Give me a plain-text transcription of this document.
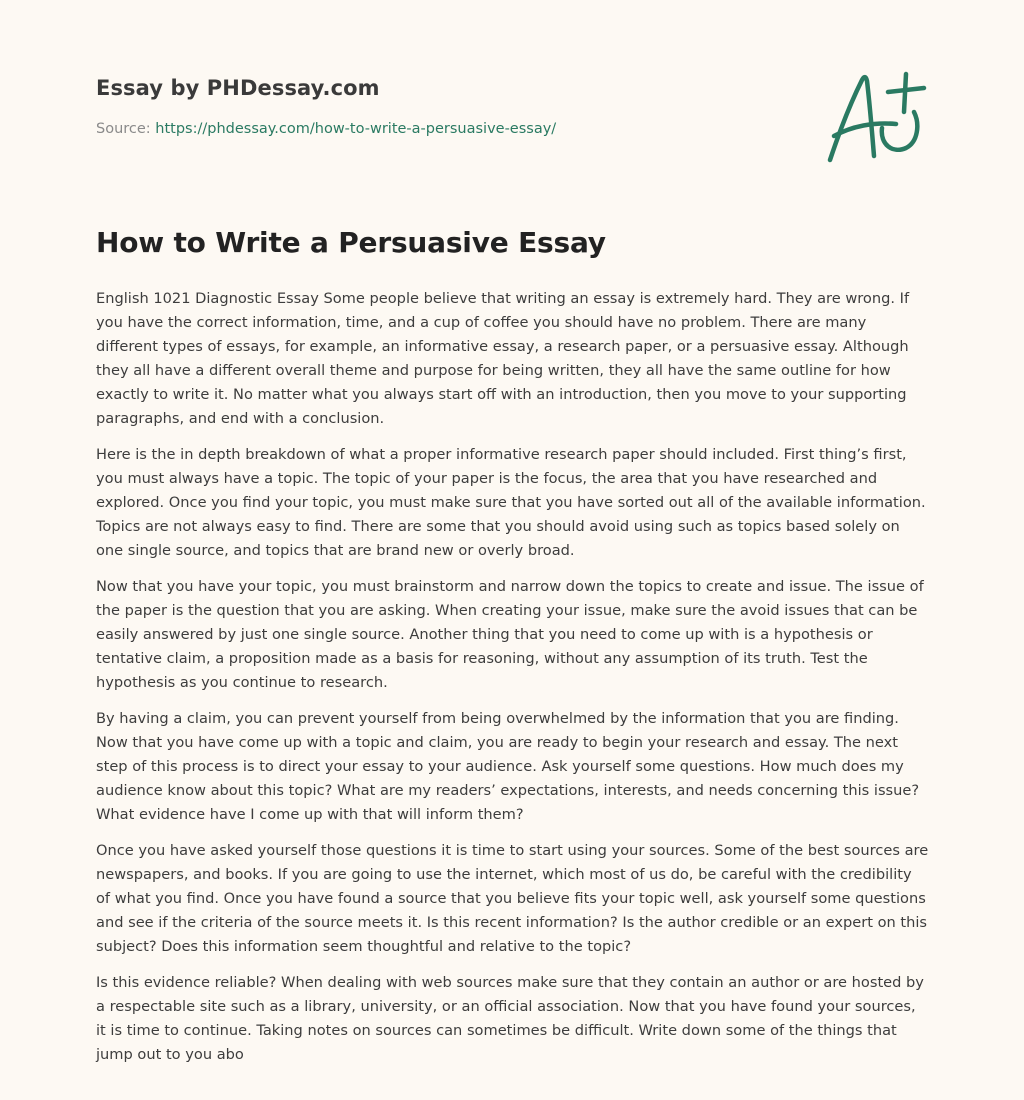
Essay by PHDessay.com
Source: https://phdessay.com/how-to-write-a-persuasive-essay/
How to Write a Persuasive Essay

English 1021 Diagnostic Essay Some people believe that writing an essay is extremely hard. They are wrong. If you have the correct information, time, and a cup of coffee you should have no problem. There are many different types of essays, for example, an informative essay, a research paper, or a persuasive essay. Although they all have a different overall theme and purpose for being written, they all have the same outline for how exactly to write it. No matter what you always start off with an introduction, then you move to your supporting paragraphs, and end with a conclusion.

Here is the in depth breakdown of what a proper informative research paper should included. First thing’s first, you must always have a topic. The topic of your paper is the focus, the area that you have researched and explored. Once you find your topic, you must make sure that you have sorted out all of the available information. Topics are not always easy to find. There are some that you should avoid using such as topics based solely on one single source, and topics that are brand new or overly broad.

Now that you have your topic, you must brainstorm and narrow down the topics to create and issue. The issue of the paper is the question that you are asking. When creating your issue, make sure the avoid issues that can be easily answered by just one single source. Another thing that you need to come up with is a hypothesis or tentative claim, a proposition made as a basis for reasoning, without any assumption of its truth. Test the hypothesis as you continue to research.

By having a claim, you can prevent yourself from being overwhelmed by the information that you are finding. Now that you have come up with a topic and claim, you are ready to begin your research and essay. The next step of this process is to direct your essay to your audience. Ask yourself some questions. How much does my audience know about this topic? What are my readers’ expectations, interests, and needs concerning this issue? What evidence have I come up with that will inform them?

Once you have asked yourself those questions it is time to start using your sources. Some of the best sources are newspapers, and books. If you are going to use the internet, which most of us do, be careful with the credibility of what you find. Once you have found a source that you believe fits your topic well, ask yourself some questions and see if the criteria of the source meets it. Is this recent information? Is the author credible or an expert on this subject? Does this information seem thoughtful and relative to the topic?

Is this evidence reliable? When dealing with web sources make sure that they contain an author or are hosted by a respectable site such as a library, university, or an official association. Now that you have found your sources, it is time to continue. Taking notes on sources can sometimes be difficult. Write down some of the things that jump out to you abo
